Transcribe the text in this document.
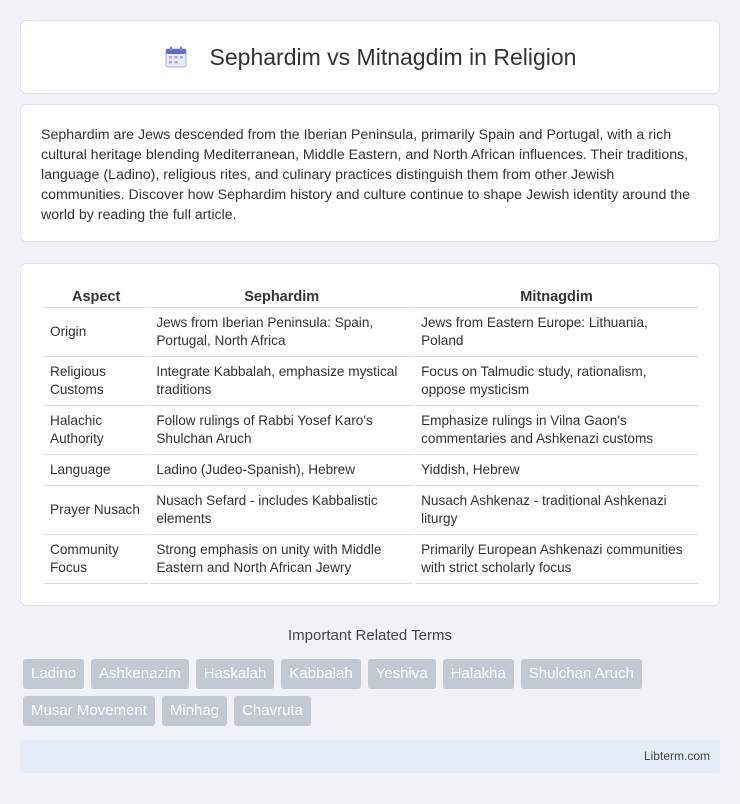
Sephardim vs Mitnagdim in Religion

Sephardim are Jews descended from the Iberian Peninsula, primarily Spain and Portugal, with a rich cultural heritage blending Mediterranean, Middle Eastern, and North African influences. Their traditions, language (Ladino), religious rites, and culinary practices distinguish them from other Jewish communities. Discover how Sephardim history and culture continue to shape Jewish identity around the world by reading the full article.

Aspect	Sephardim	Mitnagdim
Origin	Jews from Iberian Peninsula: Spain, Portugal, North Africa	Jews from Eastern Europe: Lithuania, Poland
Religious Customs	Integrate Kabbalah, emphasize mystical traditions	Focus on Talmudic study, rationalism, oppose mysticism
Halachic Authority	Follow rulings of Rabbi Yosef Karo's Shulchan Aruch	Emphasize rulings in Vilna Gaon's commentaries and Ashkenazi customs
Language	Ladino (Judeo-Spanish), Hebrew	Yiddish, Hebrew
Prayer Nusach	Nusach Sefard - includes Kabbalistic elements	Nusach Ashkenaz - traditional Ashkenazi liturgy
Community Focus	Strong emphasis on unity with Middle Eastern and North African Jewry	Primarily European Ashkenazi communities with strict scholarly focus
Important Related Terms
Ladino	Ashkenazim	Haskalah	Kabbalah	Yeshiva	Halakha	Shulchan Aruch
Musar Movement	Minhag	Chavruta
Libterm.com
